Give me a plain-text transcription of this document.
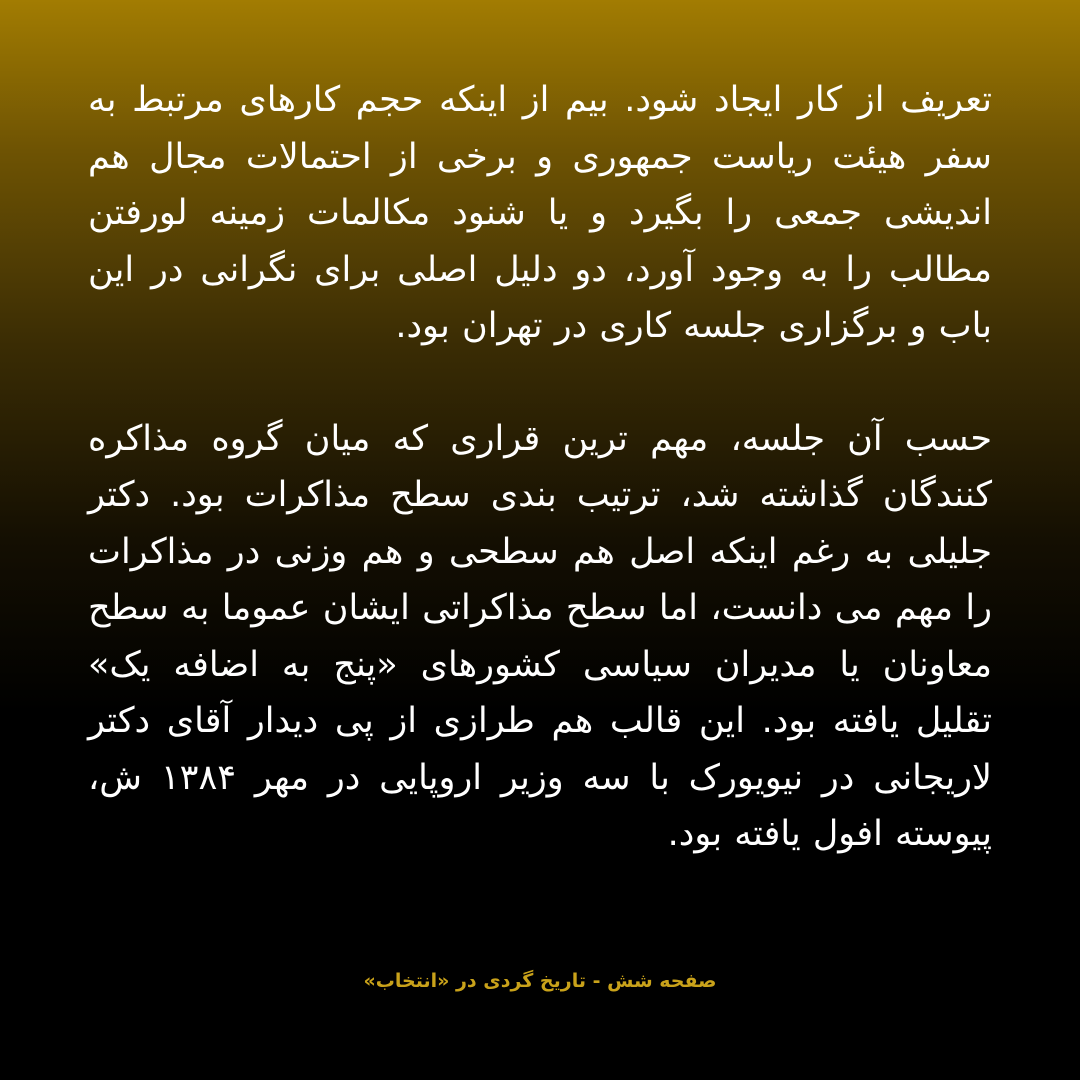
تعریف از کار ایجاد شود. بیم از اینکه حجم کارهای مرتبط به سفر هیئت ریاست جمهوری و برخی از احتمالات مجال هم اندیشی جمعی را بگیرد و یا شنود مکالمات زمینه لورفتن مطالب را به وجود آورد، دو دلیل اصلی برای نگرانی در این باب و برگزاری جلسه کاری در تهران بود.

حسب آن جلسه، مهم ترین قراری که میان گروه مذاکره کنندگان گذاشته شد، ترتیب بندی سطح مذاکرات بود. دکتر جلیلی به رغم اینکه اصل هم سطحی و هم وزنی در مذاکرات را مهم می دانست، اما سطح مذاکراتی ایشان عموما به سطح معاونان یا مدیران سیاسی کشورهای «پنج به اضافه یک» تقلیل یافته بود. این قالب هم طرازی از پی دیدار آقای دکتر لاریجانی در نیویورک با سه وزیر اروپایی در مهر ۱۳۸۴ ش، پیوسته افول یافته بود.

صفحه شش - تاریخ گردی در «انتخاب»
